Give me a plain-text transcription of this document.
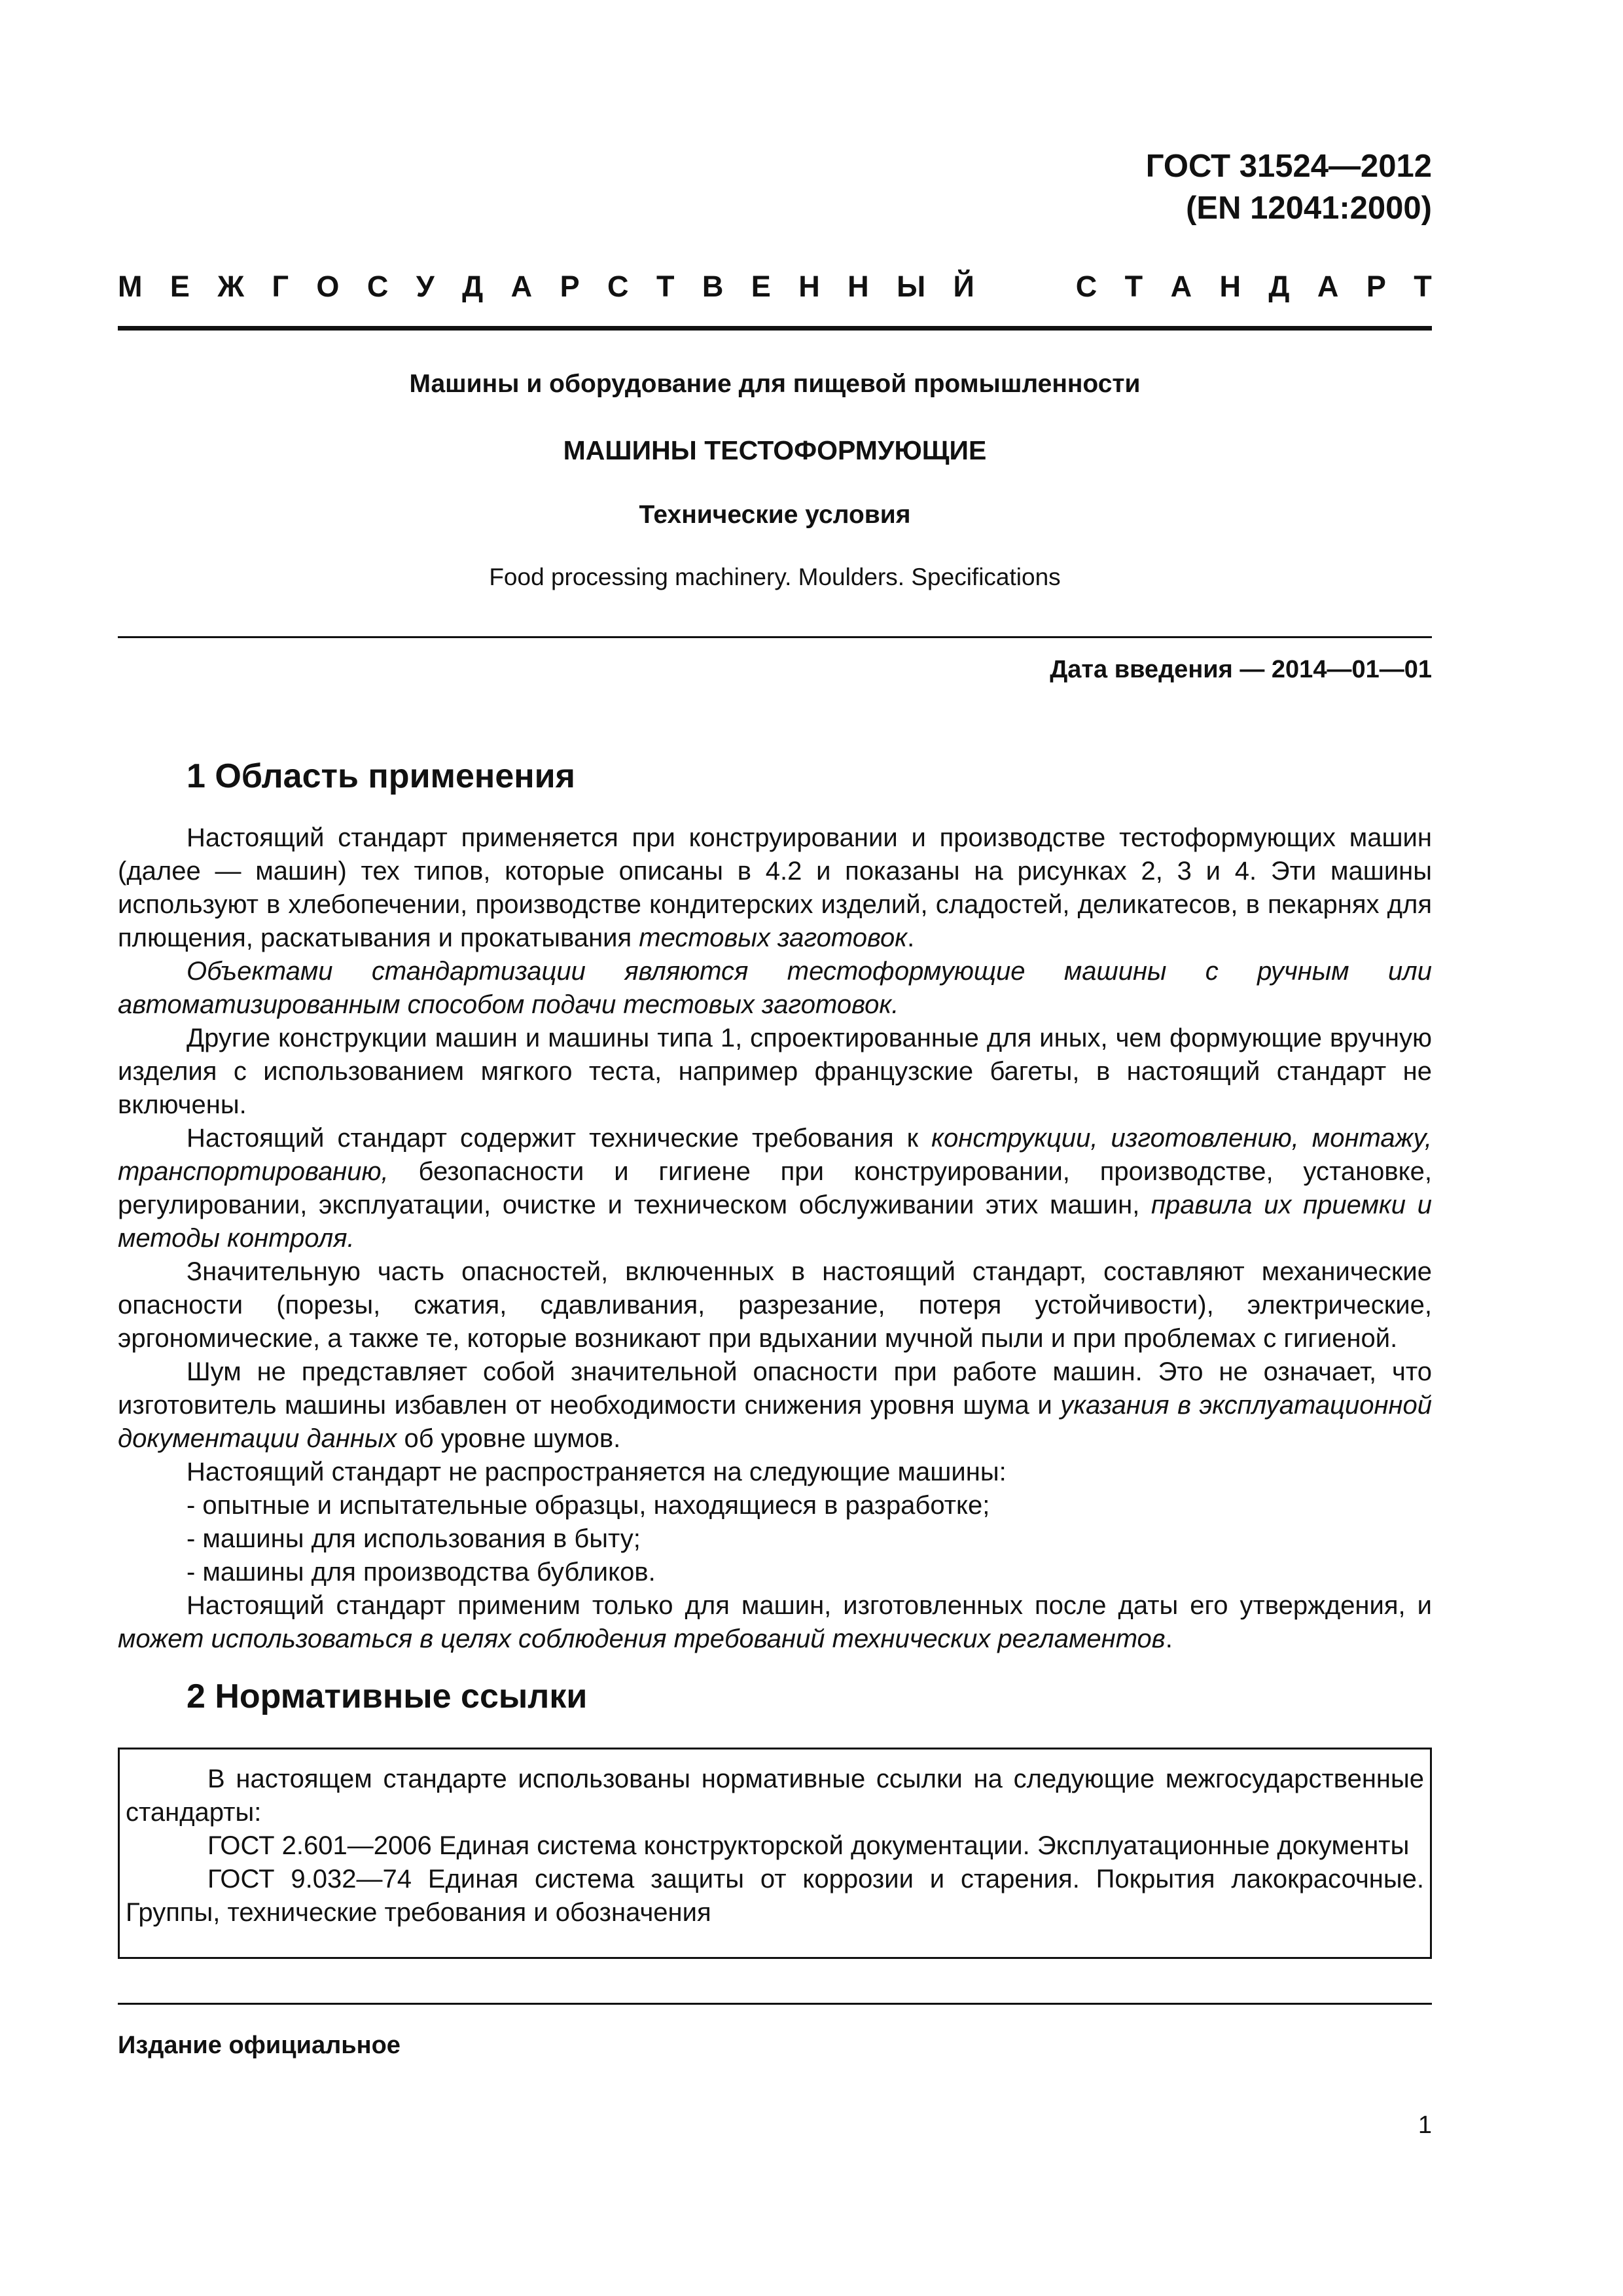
ГОСТ 31524—2012
(EN 12041:2000)
М Е Ж Г О С У Д А Р С Т В Е Н Н Ы Й	С Т А Н Д А Р Т
Машины и оборудование для пищевой промышленности
МАШИНЫ ТЕСТОФОРМУЮЩИЕ
Технические условия
Food processing machinery. Moulders. Specifications
Дата введения — 2014—01—01
1 Область применения

Настоящий стандарт применяется при конструировании и производстве тестоформующих машин (далее — машин) тех типов, которые описаны в 4.2 и показаны на рисунках 2, 3 и 4. Эти машины используют в хлебопечении, производстве кондитерских изделий, сладостей, деликатесов, в пекарнях для плющения, раскатывания и прокатывания тестовых заготовок.

Объектами стандартизации являются тестоформующие машины с ручным или автоматизированным способом подачи тестовых заготовок.

Другие конструкции машин и машины типа 1, спроектированные для иных, чем формующие вручную изделия с использованием мягкого теста, например французские багеты, в настоящий стандарт не включены.

Настоящий стандарт содержит технические требования к конструкции, изготовлению, монтажу, транспортированию, безопасности и гигиене при конструировании, производстве, установке, регулировании, эксплуатации, очистке и техническом обслуживании этих машин, правила их приемки и методы контроля.

Значительную часть опасностей, включенных в настоящий стандарт, составляют механические опасности (порезы, сжатия, сдавливания, разрезание, потеря устойчивости), электрические, эргономические, а также те, которые возникают при вдыхании мучной пыли и при проблемах с гигиеной.

Шум не представляет собой значительной опасности при работе машин. Это не означает, что изготовитель машины избавлен от необходимости снижения уровня шума и указания в эксплуатационной документации данных об уровне шумов.

Настоящий стандарт не распространяется на следующие машины:

- опытные и испытательные образцы, находящиеся в разработке;

- машины для использования в быту;

- машины для производства бубликов.

Настоящий стандарт применим только для машин, изготовленных после даты его утверждения, и может использоваться в целях соблюдения требований технических регламентов.

2 Нормативные ссылки

В настоящем стандарте использованы нормативные ссылки на следующие межгосударственные стандарты:

ГОСТ 2.601—2006 Единая система конструкторской документации. Эксплуатационные документы

ГОСТ 9.032—74 Единая система защиты от коррозии и старения. Покрытия лакокрасочные. Группы, технические требования и обозначения

Издание официальное
1
